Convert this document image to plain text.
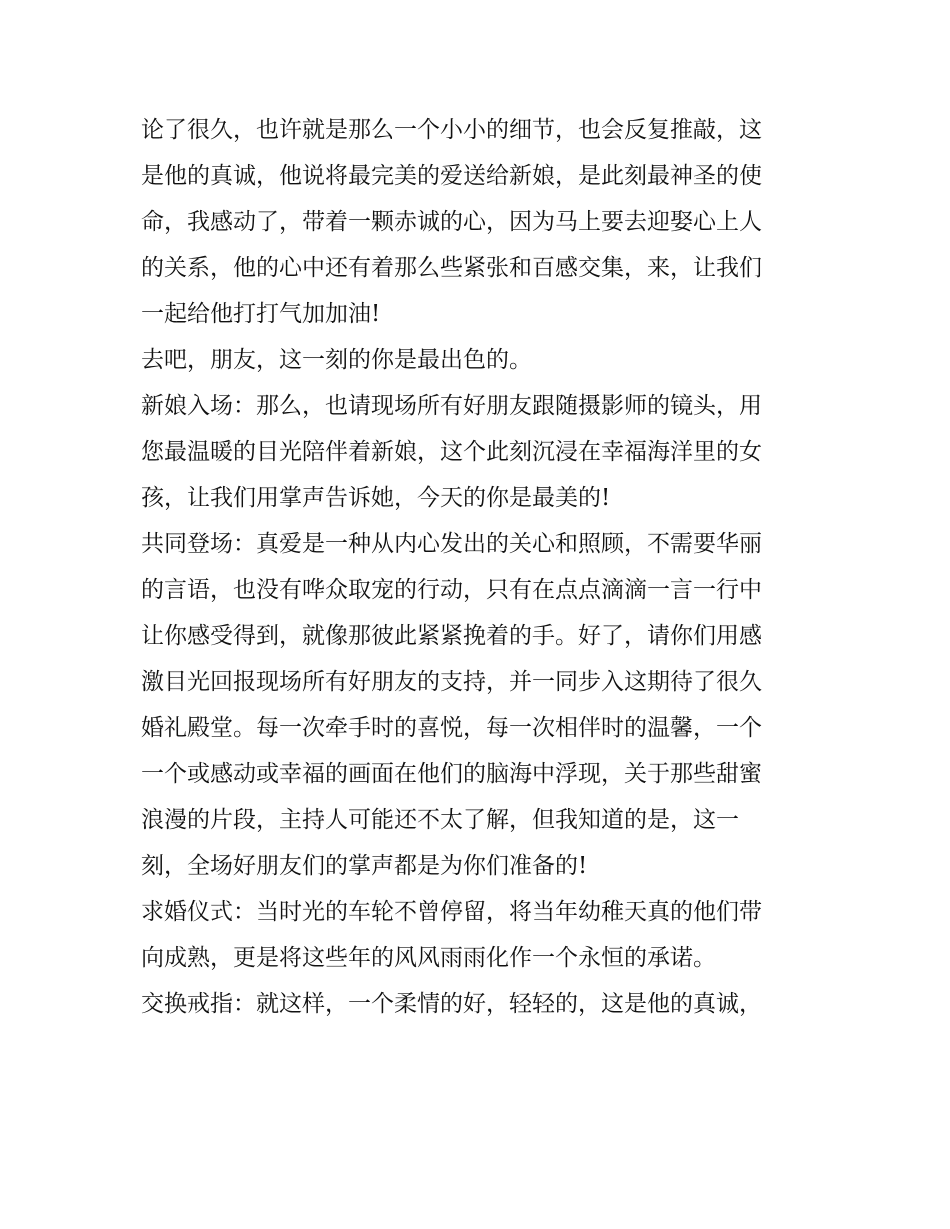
论了很久，也许就是那么一个小小的细节，也会反复推敲，这
是他的真诚，他说将最完美的爱送给新娘，是此刻最神圣的使
命，我感动了，带着一颗赤诚的心，因为马上要去迎娶心上人
的关系，他的心中还有着那么些紧张和百感交集，来，让我们
一起给他打打气加加油!
去吧，朋友，这一刻的你是最出色的。
新娘入场：那么，也请现场所有好朋友跟随摄影师的镜头，用
您最温暖的目光陪伴着新娘，这个此刻沉浸在幸福海洋里的女
孩，让我们用掌声告诉她，今天的你是最美的!
共同登场：真爱是一种从内心发出的关心和照顾，不需要华丽
的言语，也没有哗众取宠的行动，只有在点点滴滴一言一行中
让你感受得到，就像那彼此紧紧挽着的手。好了，请你们用感
激目光回报现场所有好朋友的支持，并一同步入这期待了很久
婚礼殿堂。每一次牵手时的喜悦，每一次相伴时的温馨，一个
一个或感动或幸福的画面在他们的脑海中浮现，关于那些甜蜜
浪漫的片段，主持人可能还不太了解，但我知道的是，这一
刻，全场好朋友们的掌声都是为你们准备的!
求婚仪式：当时光的车轮不曾停留，将当年幼稚天真的他们带
向成熟，更是将这些年的风风雨雨化作一个永恒的承诺。
交换戒指：就这样，一个柔情的好，轻轻的，这是他的真诚，
